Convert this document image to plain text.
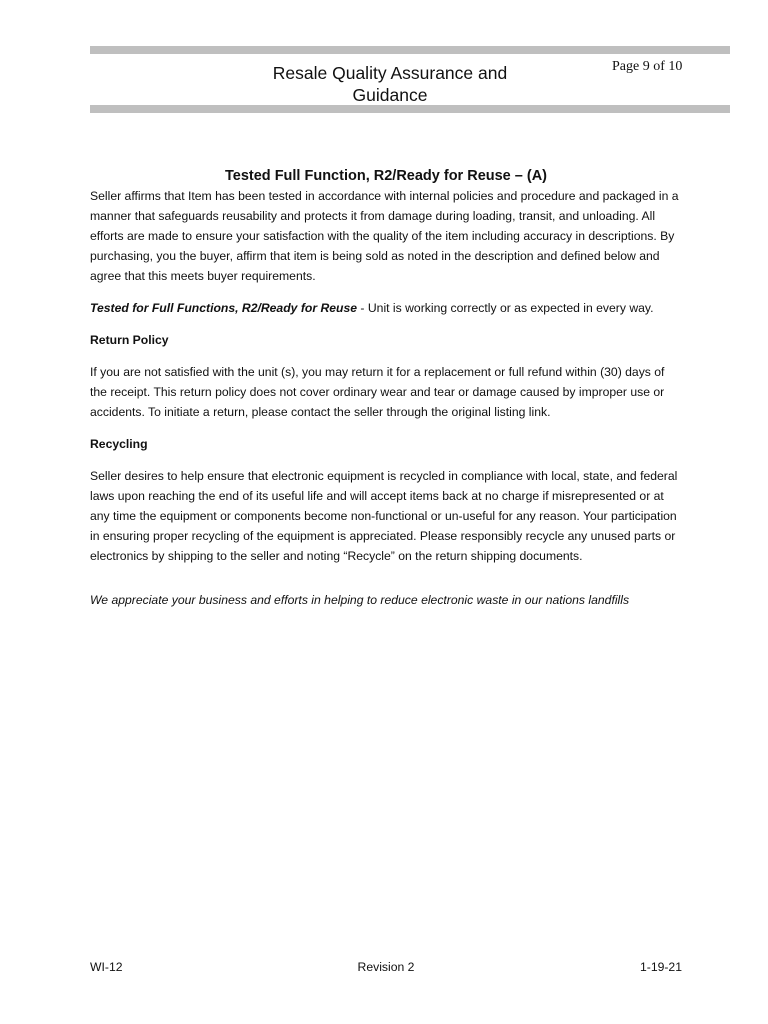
Resale Quality Assurance and Guidance
Page 9 of 10

Tested Full Function, R2/Ready for Reuse – (A)

Seller affirms that Item has been tested in accordance with internal policies and procedure and packaged in a manner that safeguards reusability and protects it from damage during loading, transit, and unloading. All efforts are made to ensure your satisfaction with the quality of the item including accuracy in descriptions. By purchasing, you the buyer, affirm that item is being sold as noted in the description and defined below and agree that this meets buyer requirements.

Tested for Full Functions, R2/Ready for Reuse - Unit is working correctly or as expected in every way.

Return Policy

If you are not satisfied with the unit (s), you may return it for a replacement or full refund within (30) days of the receipt. This return policy does not cover ordinary wear and tear or damage caused by improper use or accidents. To initiate a return, please contact the seller through the original listing link.

Recycling

Seller desires to help ensure that electronic equipment is recycled in compliance with local, state, and federal laws upon reaching the end of its useful life and will accept items back at no charge if misrepresented or at any time the equipment or components become non-functional or un-useful for any reason. Your participation in ensuring proper recycling of the equipment is appreciated. Please responsibly recycle any unused parts or electronics by shipping to the seller and noting “Recycle” on the return shipping documents.

We appreciate your business and efforts in helping to reduce electronic waste in our nations landfills

WI-12	Revision 2	1-19-21
